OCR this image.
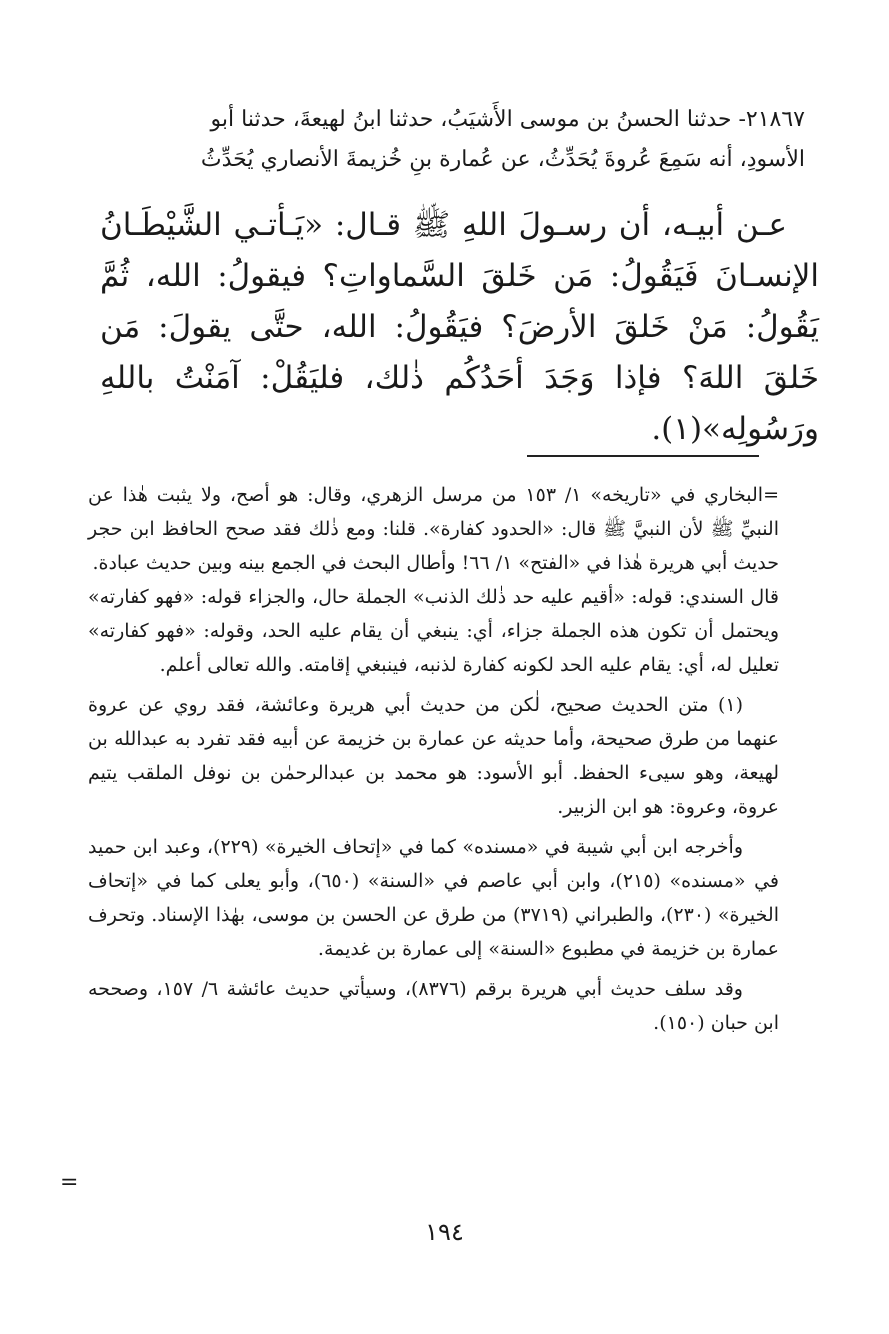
٢١٨٦٧- حدثنا الحسنُ بن موسى الأَشيَبُ، حدثنا ابنُ لهيعةَ، حدثنا أبو

الأسودِ، أنه سَمِعَ عُروةَ يُحَدِّثُ، عن عُمارة بنِ خُزيمةَ الأنصاري يُحَدِّثُ

عـن أبيـه، أن رسـولَ اللهِ ﷺ قـال: «يَـأتـي الشَّيْطَـانُ الإنسـانَ فَيَقُولُ: مَن خَلقَ السَّماواتِ؟ فيقولُ: الله، ثُمَّ يَقُولُ: مَنْ خَلقَ الأرضَ؟ فيَقُولُ: الله، حتَّى يقولَ: مَن خَلقَ اللهَ؟ فإذا وَجَدَ أحَدُكُم ذٰلك، فليَقُلْ: آمَنْتُ باللهِ ورَسُولِه»(١).

=البخاري في «تاريخه» ١/ ١٥٣ من مرسل الزهري، وقال: هو أصح، ولا يثبت هٰذا عن النبيِّ ﷺ لأن النبيَّ ﷺ قال: «الحدود كفارة». قلنا: ومع ذٰلك فقد صحح الحافظ ابن حجر حديث أبي هريرة هٰذا في «الفتح» ١/ ٦٦! وأطال البحث في الجمع بينه وبين حديث عبادة.

قال السندي: قوله: «أقيم عليه حد ذٰلك الذنب» الجملة حال، والجزاء قوله: «فهو كفارته» ويحتمل أن تكون هذه الجملة جزاء، أي: ينبغي أن يقام عليه الحد، وقوله: «فهو كفارته» تعليل له، أي: يقام عليه الحد لكونه كفارة لذنبه، فينبغي إقامته. والله تعالى أعلم.

(١) متن الحديث صحيح، لٰكن من حديث أبي هريرة وعائشة، فقد روي عن عروة عنهما من طرق صحيحة، وأما حديثه عن عمارة بن خزيمة عن أبيه فقد تفرد به عبدالله بن لهيعة، وهو سيىء الحفظ. أبو الأسود: هو محمد بن عبدالرحمٰن بن نوفل الملقب يتيم عروة، وعروة: هو ابن الزبير.

وأخرجه ابن أبي شيبة في «مسنده» كما في «إتحاف الخيرة» (٢٢٩)، وعبد ابن حميد في «مسنده» (٢١٥)، وابن أبي عاصم في «السنة» (٦٥٠)، وأبو يعلى كما في «إتحاف الخيرة» (٢٣٠)، والطبراني (٣٧١٩) من طرق عن الحسن بن موسى، بهٰذا الإسناد. وتحرف عمارة بن خزيمة في مطبوع «السنة» إلى عمارة بن غديمة.

وقد سلف حديث أبي هريرة برقم (٨٣٧٦)، وسيأتي حديث عائشة ٦/ ١٥٧، وصححه ابن حبان (١٥٠).

=
١٩٤
